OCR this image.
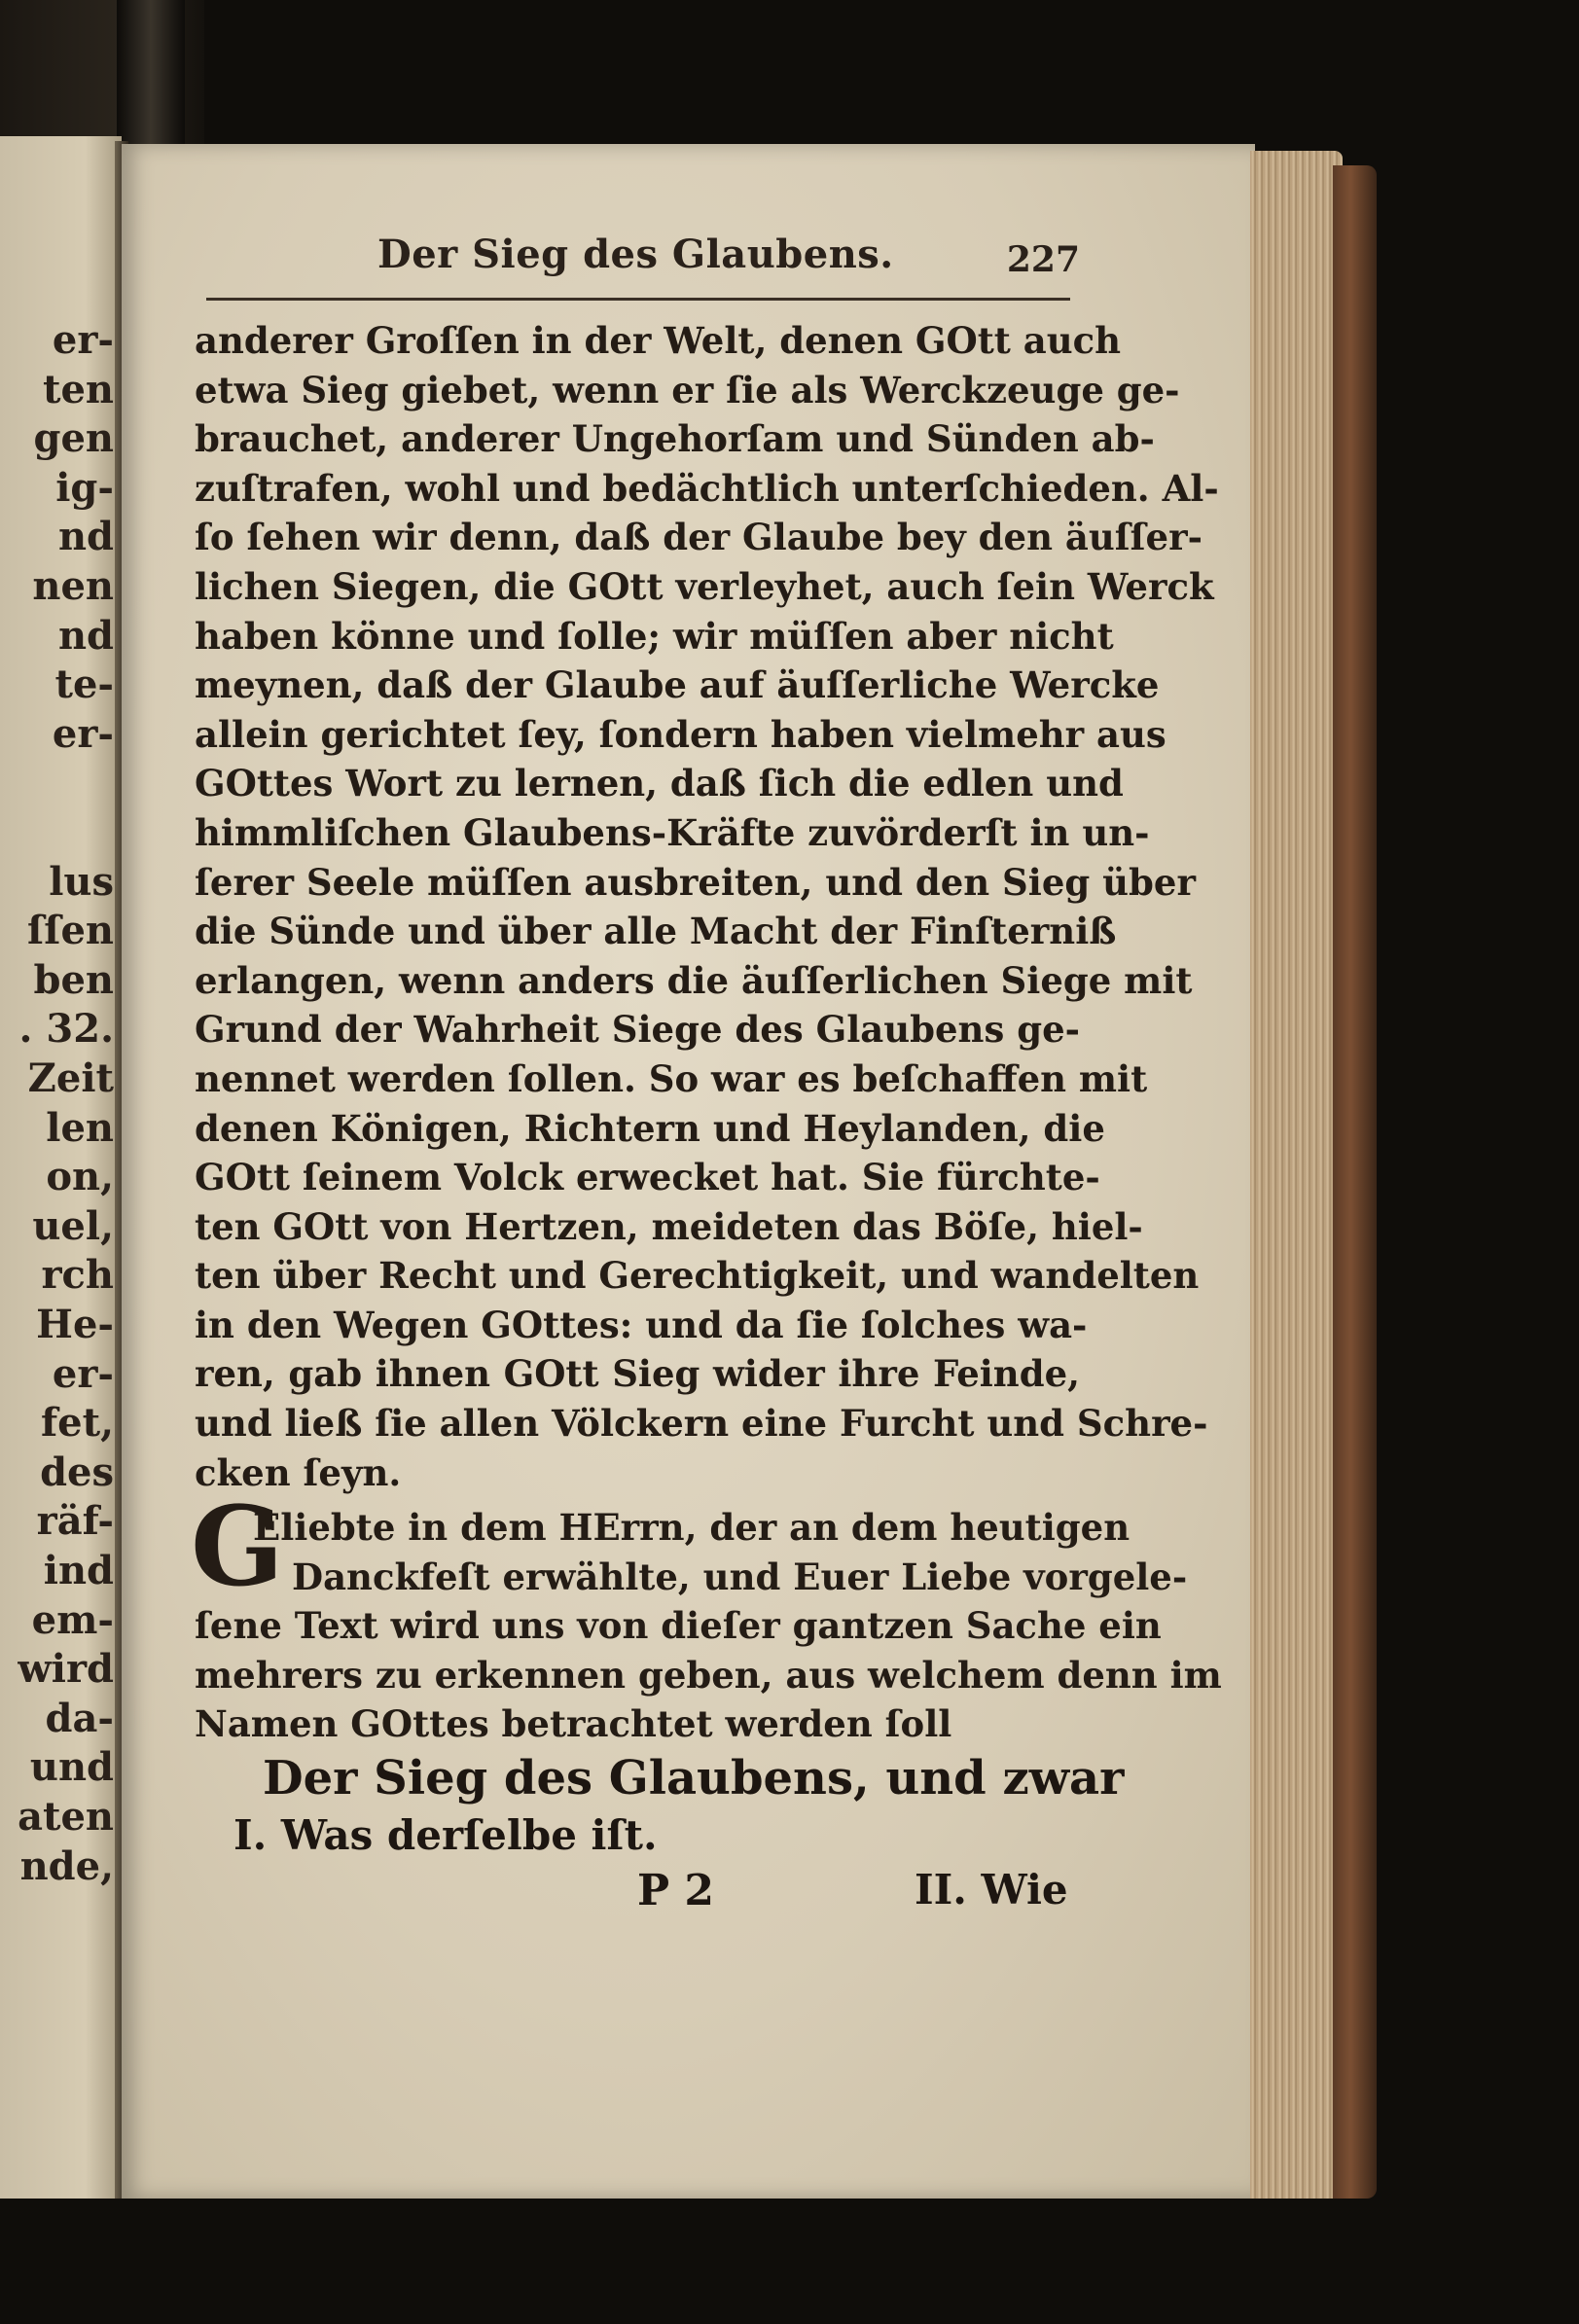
er-
ten
gen
ig-
nd
nen
nd
te-
er-
lus
ſſen
ben
. 32.
Zeit
len
on,
uel,
rch
He-
er-
fet,
des
räf-
ind
em-
wird
da-
und
aten
nde,
Der Sieg des Glaubens.	227
anderer Groſſen in der Welt, denen GOtt auch
etwa Sieg giebet, wenn er ſie als Werckzeuge ge-
brauchet, anderer Ungehorſam und Sünden ab-
zuſtrafen, wohl und bedächtlich unterſchieden. Al-
ſo ſehen wir denn, daß der Glaube bey den äuſſer-
lichen Siegen, die GOtt verleyhet, auch ſein Werck
haben könne und ſolle; wir müſſen aber nicht
meynen, daß der Glaube auf äuſſerliche Wercke
allein gerichtet ſey, ſondern haben vielmehr aus
GOttes Wort zu lernen, daß ſich die edlen und
himmliſchen Glaubens-Kräfte zuvörderſt in un-
ſerer Seele müſſen ausbreiten, und den Sieg über
die Sünde und über alle Macht der Finſterniß
erlangen, wenn anders die äuſſerlichen Siege mit
Grund der Wahrheit Siege des Glaubens ge-
nennet werden ſollen. So war es beſchaffen mit
denen Königen, Richtern und Heylanden, die
GOtt ſeinem Volck erwecket hat. Sie fürchte-
ten GOtt von Hertzen, meideten das Böſe, hiel-
ten über Recht und Gerechtigkeit, und wandelten
in den Wegen GOttes: und da ſie ſolches wa-
ren, gab ihnen GOtt Sieg wider ihre Feinde,
und ließ ſie allen Völckern eine Furcht und Schre-
cken ſeyn.
G
Eliebte in dem HErrn, der an dem heutigen
Danckfeſt erwählte, und Euer Liebe vorgele-
ſene Text wird uns von dieſer gantzen Sache ein
mehrers zu erkennen geben, aus welchem denn im
Namen GOttes betrachtet werden ſoll
Der Sieg des Glaubens, und zwar
I. Was derſelbe iſt.
P 2	II. Wie
